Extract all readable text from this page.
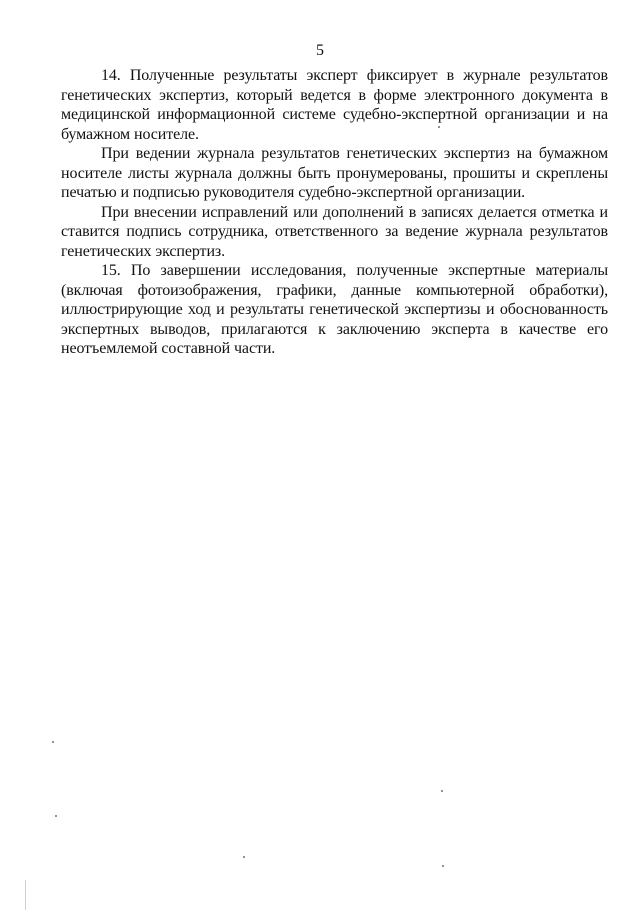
5

14. Полученные результаты эксперт фиксирует в журнале результатов генетических экспертиз, который ведется в форме электронного документа в медицинской информационной системе судебно-экспертной организации и на бумажном носителе.

При ведении журнала результатов генетических экспертиз на бумажном носителе листы журнала должны быть пронумерованы, прошиты и скреплены печатью и подписью руководителя судебно-экспертной организации.

При внесении исправлений или дополнений в записях делается отметка и ставится подпись сотрудника, ответственного за ведение журнала результатов генетических экспертиз.

15. По завершении исследования, полученные экспертные материалы (включая фотоизображения, графики, данные компьютерной обработки), иллюстрирующие ход и результаты генетической экспертизы и обоснованность экспертных выводов, прилагаются к заключению эксперта в качестве его неотъемлемой составной части.
